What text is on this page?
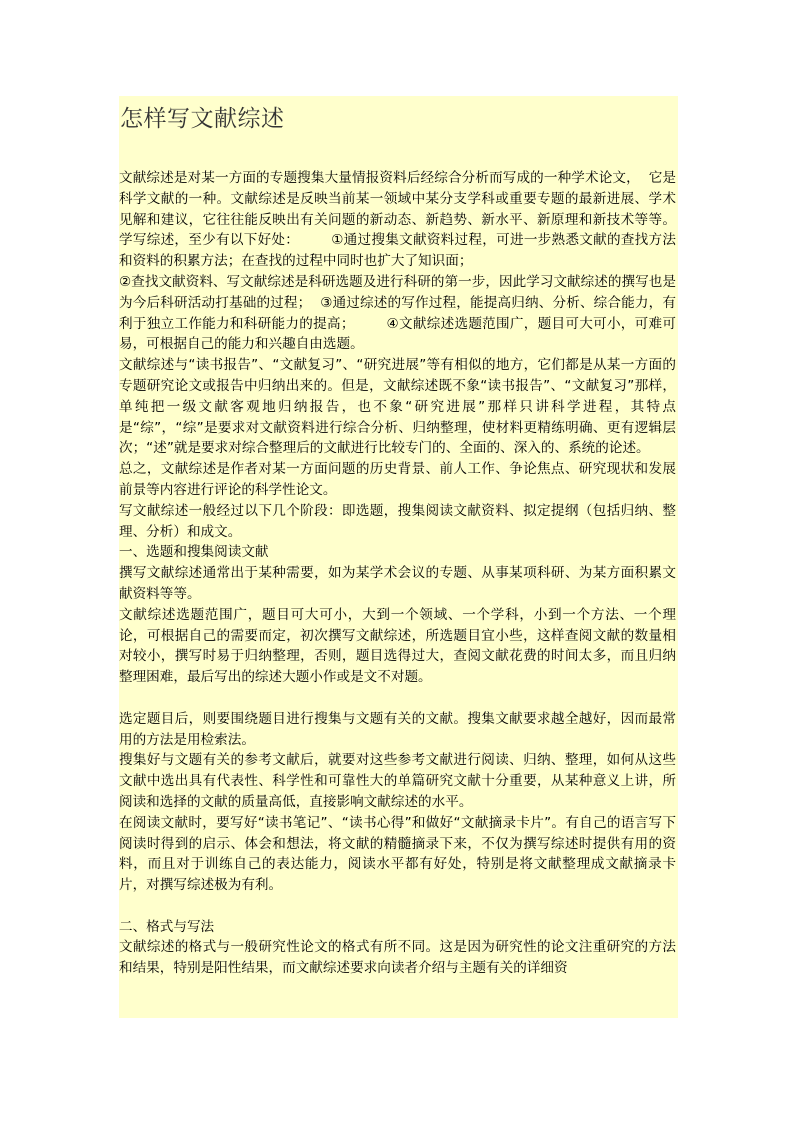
怎样写文献综述

文献综述是对某一方面的专题搜集大量情报资料后经综合分析而写成的一种学术论文，  它是科学文献的一种。文献综述是反映当前某一领域中某分支学科或重要专题的最新进展、学术见解和建议，它往往能反映出有关问题的新动态、新趋势、新水平、新原理和新技术等等。  学写综述，至少有以下好处：       ①通过搜集文献资料过程，可进一步熟悉文献的查找方法和资料的积累方法；在查找的过程中同时也扩大了知识面；

②查找文献资料、写文献综述是科研选题及进行科研的第一步，因此学习文献综述的撰写也是为今后科研活动打基础的过程；  ③通过综述的写作过程，能提高归纳、分析、综合能力，有利于独立工作能力和科研能力的提高；       ④文献综述选题范围广，题目可大可小，可难可易，可根据自己的能力和兴趣自由选题。

文献综述与“读书报告”、“文献复习”、“研究进展”等有相似的地方，它们都是从某一方面的专题研究论文或报告中归纳出来的。但是，文献综述既不象“读书报告”、“文献复习”那样，单纯把一级文献客观地归纳报告，也不象“研究进展”那样只讲科学进程，其特点是“综”，“综”是要求对文献资料进行综合分析、归纳整理，使材料更精练明确、更有逻辑层次；“述”就是要求对综合整理后的文献进行比较专门的、全面的、深入的、系统的论述。

总之，文献综述是作者对某一方面问题的历史背景、前人工作、争论焦点、研究现状和发展前景等内容进行评论的科学性论文。

写文献综述一般经过以下几个阶段：即选题，搜集阅读文献资料、拟定提纲（包括归纳、整理、分析）和成文。

一、选题和搜集阅读文献

撰写文献综述通常出于某种需要，如为某学术会议的专题、从事某项科研、为某方面积累文献资料等等。

文献综述选题范围广，题目可大可小，大到一个领域、一个学科，小到一个方法、一个理论，可根据自己的需要而定，初次撰写文献综述，所选题目宜小些，这样查阅文献的数量相对较小，撰写时易于归纳整理，否则，题目选得过大，查阅文献花费的时间太多，而且归纳整理困难，最后写出的综述大题小作或是文不对题。

选定题目后，则要围绕题目进行搜集与文题有关的文献。搜集文献要求越全越好，因而最常用的方法是用检索法。

搜集好与文题有关的参考文献后，就要对这些参考文献进行阅读、归纳、整理，如何从这些文献中选出具有代表性、科学性和可靠性大的单篇研究文献十分重要，从某种意义上讲，所阅读和选择的文献的质量高低，直接影响文献综述的水平。

在阅读文献时，要写好“读书笔记”、“读书心得”和做好“文献摘录卡片”。有自己的语言写下阅读时得到的启示、体会和想法，将文献的精髓摘录下来，不仅为撰写综述时提供有用的资料，而且对于训练自己的表达能力，阅读水平都有好处，特别是将文献整理成文献摘录卡片，对撰写综述极为有利。

二、格式与写法

文献综述的格式与一般研究性论文的格式有所不同。这是因为研究性的论文注重研究的方法和结果，特别是阳性结果，而文献综述要求向读者介绍与主题有关的详细资
